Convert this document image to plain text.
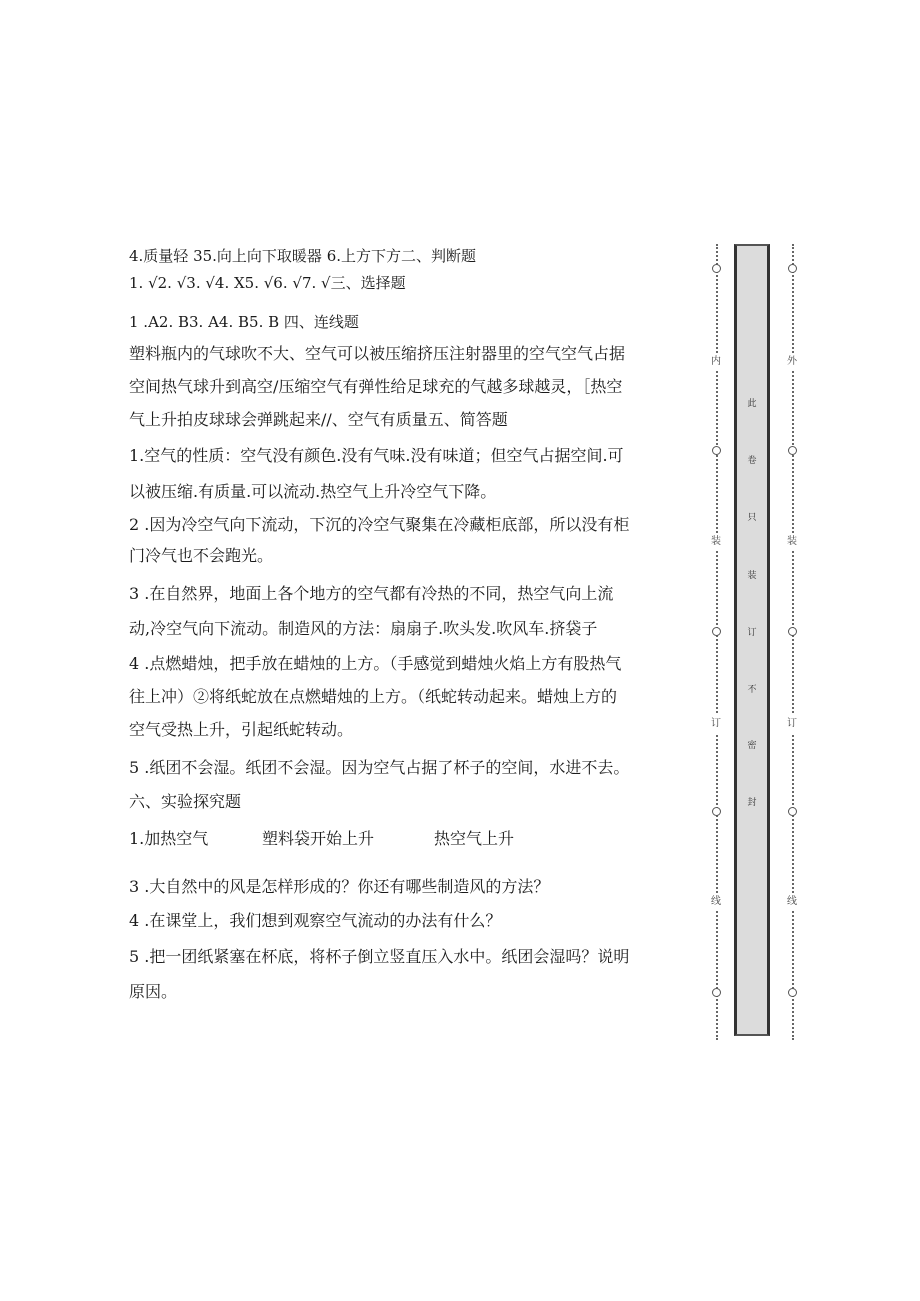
4.质量轻 35.向上向下取暖器 6.上方下方二、判断题
1. √2. √3. √4. X5. √6. √7. √三、选择题
1 .A2. B3. A4. B5. B 四、连线题
塑料瓶内的气球吹不大、空气可以被压缩挤压注射器里的空气空气占据
空间热气球升到高空/压缩空气有弹性给足球充的气越多球越灵，［热空
气上升拍皮球球会弹跳起来//、空气有质量五、简答题
1.空气的性质：空气没有颜色.没有气味.没有味道；但空气占据空间.可
以被压缩.有质量.可以流动.热空气上升冷空气下降。
2 .因为冷空气向下流动，下沉的冷空气聚集在冷藏柜底部，所以没有柜
门冷气也不会跑光。
3 .在自然界，地面上各个地方的空气都有冷热的不同，热空气向上流
动,冷空气向下流动。制造风的方法：扇扇子.吹头发.吹风车.挤袋子
4 .点燃蜡烛，把手放在蜡烛的上方。（手感觉到蜡烛火焰上方有股热气
往上冲）②将纸蛇放在点燃蜡烛的上方。（纸蛇转动起来。蜡烛上方的
空气受热上升，引起纸蛇转动。
5 .纸团不会湿。纸团不会湿。因为空气占据了杯子的空间，水进不去。
六、实验探究题
1.加热空气	塑料袋开始上升	热空气上升
3 .大自然中的风是怎样形成的？你还有哪些制造风的方法？
4 .在课堂上，我们想到观察空气流动的办法有什么？
5 .把一团纸紧塞在杯底，将杯子倒立竖直压入水中。纸团会湿吗？说明
原因。
内
装
订
线
此
卷
只
装
订
不
密
封
外
装
订
线
